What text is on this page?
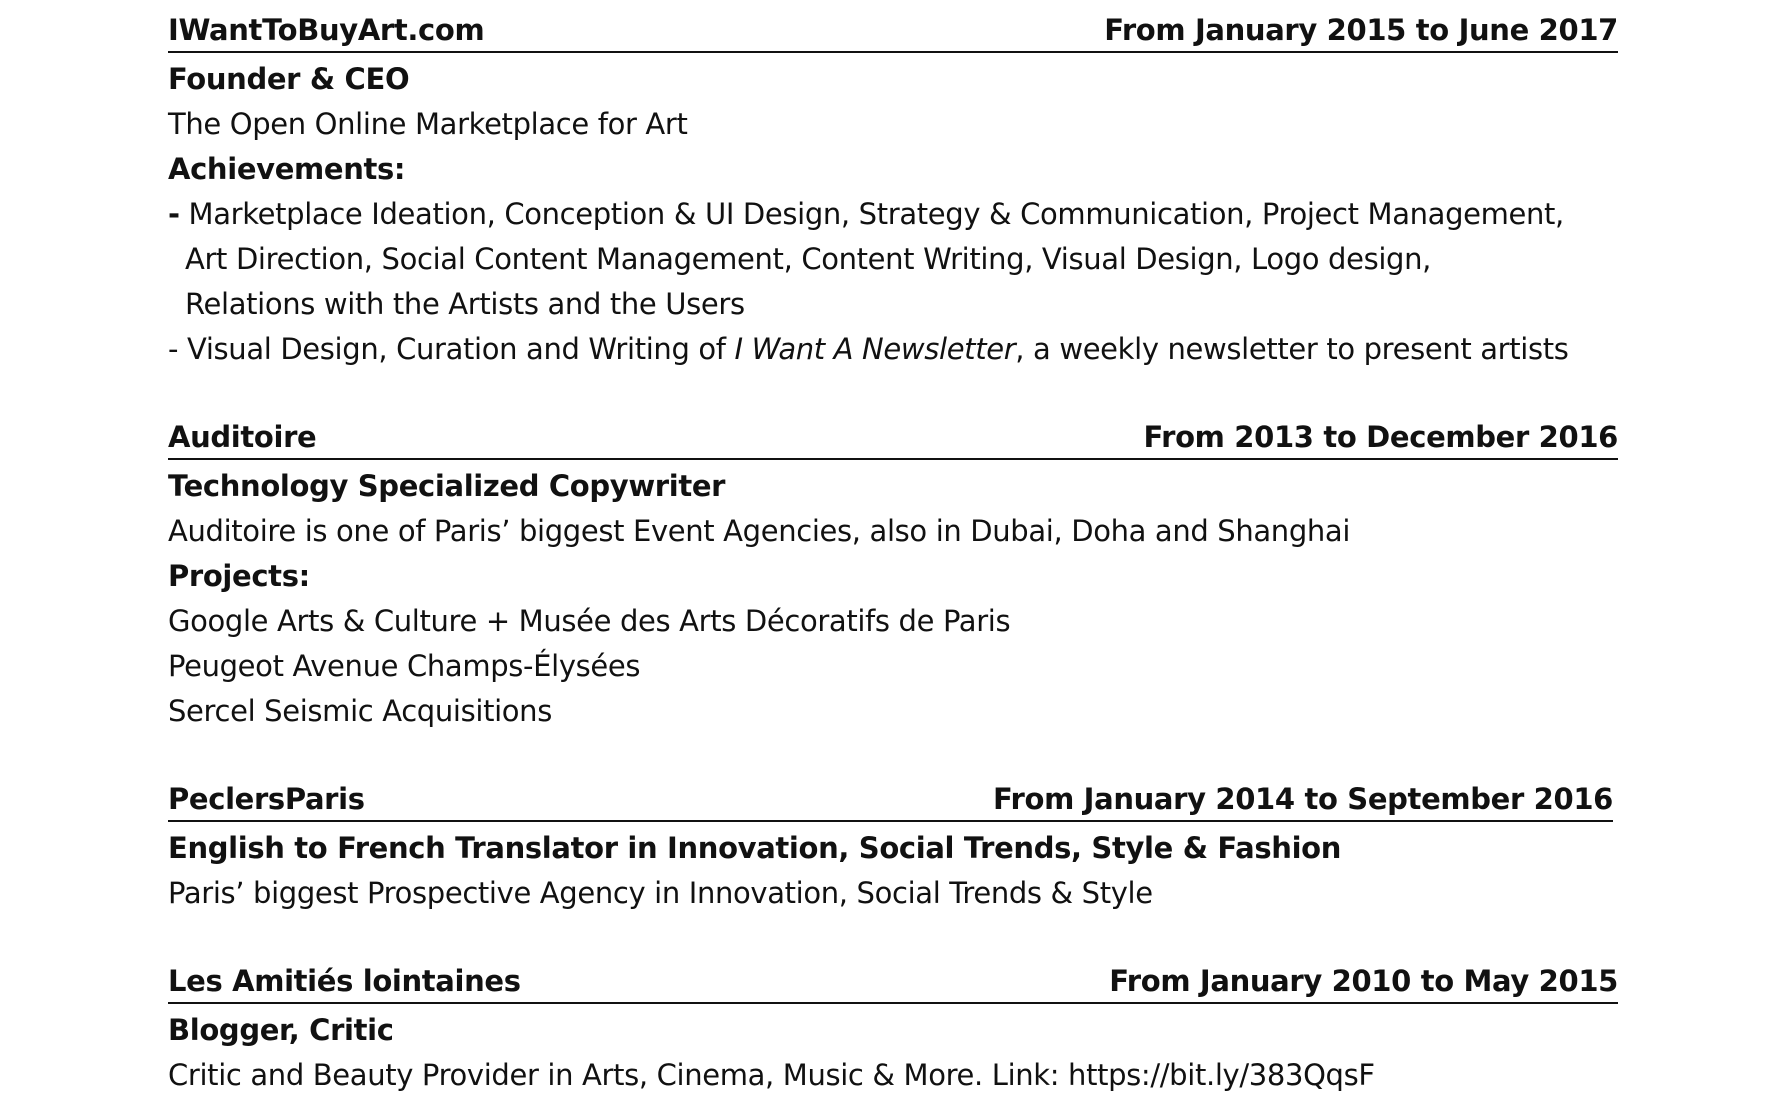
IWantToBuyArt.com	From January 2015 to June 2017
Founder & CEO
The Open Online Marketplace for Art
Achievements:
- Marketplace Ideation, Conception & UI Design, Strategy & Communication, Project Management,
Art Direction, Social Content Management, Content Writing, Visual Design, Logo design,
Relations with the Artists and the Users
- Visual Design, Curation and Writing of I Want A Newsletter, a weekly newsletter to present artists
Auditoire	From 2013 to December 2016
Technology Specialized Copywriter
Auditoire is one of Paris’ biggest Event Agencies, also in Dubai, Doha and Shanghai
Projects:
Google Arts & Culture + Musée des Arts Décoratifs de Paris
Peugeot Avenue Champs-Élysées
Sercel Seismic Acquisitions
PeclersParis	From January 2014 to September 2016
English to French Translator in Innovation, Social Trends, Style & Fashion
Paris’ biggest Prospective Agency in Innovation, Social Trends & Style
Les Amitiés lointaines	From January 2010 to May 2015
Blogger, Critic
Critic and Beauty Provider in Arts, Cinema, Music & More. Link: https://bit.ly/383QqsF
